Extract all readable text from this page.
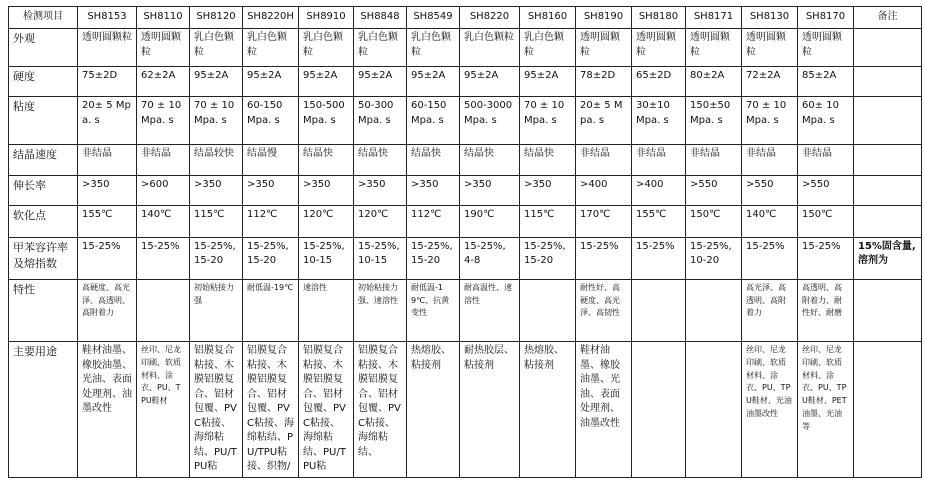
检测项目	SH8153	SH8110	SH8120	SH8220H	SH8910	SH8848	SH8549	SH8220	SH8160	SH8190	SH8180	SH8171	SH8130	SH8170	备注
外观	透明圆颗粒	透明圆颗粒	乳白色颗粒	乳白色颗粒	乳白色颗粒	乳白色颗粒	乳白色颗粒	乳白色颗粒	乳白色颗粒	透明圆颗粒	透明圆颗粒	透明圆颗粒	透明圆颗粒	透明圆颗粒	
硬度	75±2D	62±2A	95±2A	95±2A	95±2A	95±2A	95±2A	95±2A	95±2A	78±2D	65±2D	80±2A	72±2A	85±2A	
粘度	20± 5 Mpa. s	70 ± 10 Mpa. s	70 ± 10 Mpa. s	60-150 Mpa. s	150-500 Mpa. s	50-300 Mpa. s	60-150 Mpa. s	500-3000 Mpa. s	70 ± 10 Mpa. s	20± 5 Mpa. s	30±10 Mpa. s	150±50 Mpa. s	70 ± 10 Mpa. s	60± 10 Mpa. s	
结晶速度	非结晶	非结晶	结晶较快	结晶慢	结晶快	结晶快	结晶快	结晶快	结晶快	非结晶	非结晶	非结晶	非结晶	非结晶	
伸长率	>350	>600	>350	>350	>350	>350	>350	>350	>350	>400	>400	>550	>550	>550	
软化点	155℃	140℃	115℃	112℃	120℃	120℃	112℃	190℃	115℃	170℃	155℃	150℃	140℃	150℃	
甲苯容许率及熔指数	15-25%	15-25%	15-25%, 15-20	15-25%, 15-20	15-25%, 10-15	15-25%, 10-15	15-25%, 15-20	15-25%, 4-8	15-25%, 15-20	15-25%	15-25%	15-25%, 10-20	15-25%	15-25%	15%固含量, 溶剂为
特性	高硬度、高光泽、高透明、高附着力		初始粘接力强	耐低温-19℃	速溶性	初始粘接力强、速溶性	耐低温-19℃、抗黄变性	耐高温性、速溶性		耐性好、高硬度、高光泽、高韧性			高光泽、高透明、高附着力	高透明、高附着力、耐性好、耐磨	
主要用途	鞋材油墨、橡胶油墨、光油、表面处理剂、油墨改性	丝印、尼龙印刷、软质材料、涂衣、PU、TPU鞋材	铝膜复合粘接、木膜铝膜复合、铝材包覆、PVC粘接、海绵粘结、PU/TPU粘	铝膜复合粘接、木膜铝膜复合、铝材包覆、PVC粘接、海绵粘结、PU/TPU粘接、织物/	铝膜复合粘接、木膜铝膜复合、铝材包覆、PVC粘接、海绵粘结、PU/TPU粘	铝膜复合粘接、木膜铝膜复合、铝材包覆、PVC粘接、海绵粘结、	热熔胶、粘接剂	耐热胶层、粘接剂	热熔胶、粘接剂	鞋材油墨、橡胶油墨、光油、表面处理剂、油墨改性			丝印、尼龙印刷、软质材料、涂衣、PU、TPU鞋材、光油油墨改性	丝印、尼龙印刷、软质材料、涂衣、PU、TPU鞋材、PET油墨、光油等	
